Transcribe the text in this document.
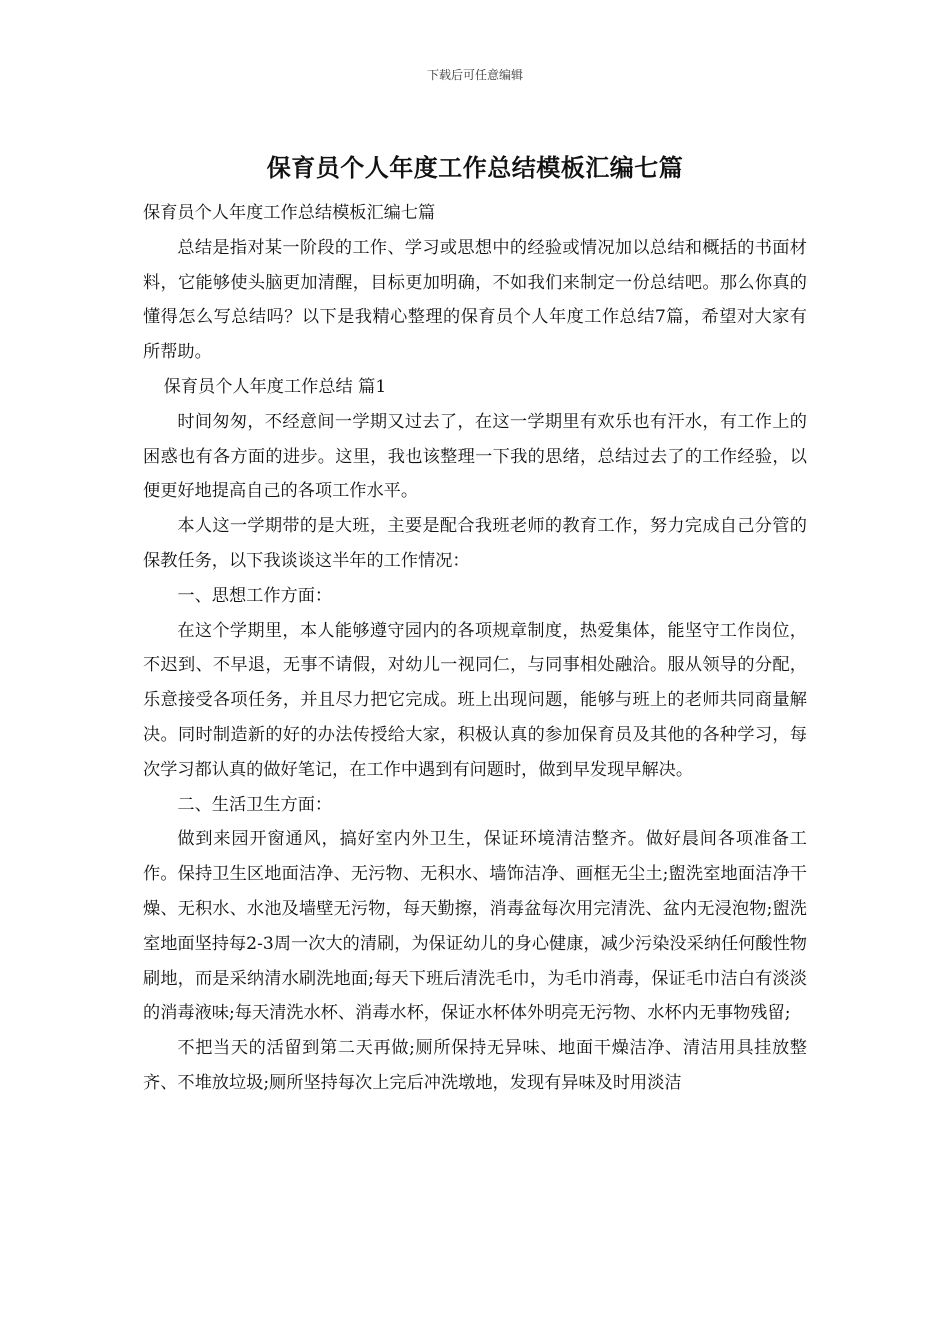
下载后可任意编辑
保育员个人年度工作总结模板汇编七篇

保育员个人年度工作总结模板汇编七篇

总结是指对某一阶段的工作、学习或思想中的经验或情况加以总结和概括的书面材料，它能够使头脑更加清醒，目标更加明确，不如我们来制定一份总结吧。那么你真的懂得怎么写总结吗？以下是我精心整理的保育员个人年度工作总结7篇，希望对大家有所帮助。

保育员个人年度工作总结 篇1

时间匆匆，不经意间一学期又过去了，在这一学期里有欢乐也有汗水，有工作上的困惑也有各方面的进步。这里，我也该整理一下我的思绪，总结过去了的工作经验，以便更好地提高自己的各项工作水平。

本人这一学期带的是大班，主要是配合我班老师的教育工作，努力完成自己分管的保教任务，以下我谈谈这半年的工作情况：

一、思想工作方面：

在这个学期里，本人能够遵守园内的各项规章制度，热爱集体，能坚守工作岗位，不迟到、不早退，无事不请假，对幼儿一视同仁，与同事相处融洽。服从领导的分配，乐意接受各项任务，并且尽力把它完成。班上出现问题，能够与班上的老师共同商量解决。同时制造新的好的办法传授给大家，积极认真的参加保育员及其他的各种学习，每次学习都认真的做好笔记，在工作中遇到有问题时，做到早发现早解决。

二、生活卫生方面：

做到来园开窗通风，搞好室内外卫生，保证环境清洁整齐。做好晨间各项准备工作。保持卫生区地面洁净、无污物、无积水、墙饰洁净、画框无尘土;盥洗室地面洁净干燥、无积水、水池及墙壁无污物，每天勤擦，消毒盆每次用完清洗、盆内无浸泡物;盥洗室地面坚持每2-3周一次大的清刷，为保证幼儿的身心健康，减少污染没采纳任何酸性物刷地，而是采纳清水刷洗地面;每天下班后清洗毛巾，为毛巾消毒，保证毛巾洁白有淡淡的消毒液味;每天清洗水杯、消毒水杯，保证水杯体外明亮无污物、水杯内无事物残留;

不把当天的活留到第二天再做;厕所保持无异味、地面干燥洁净、清洁用具挂放整齐、不堆放垃圾;厕所坚持每次上完后冲洗墩地，发现有异味及时用淡洁
